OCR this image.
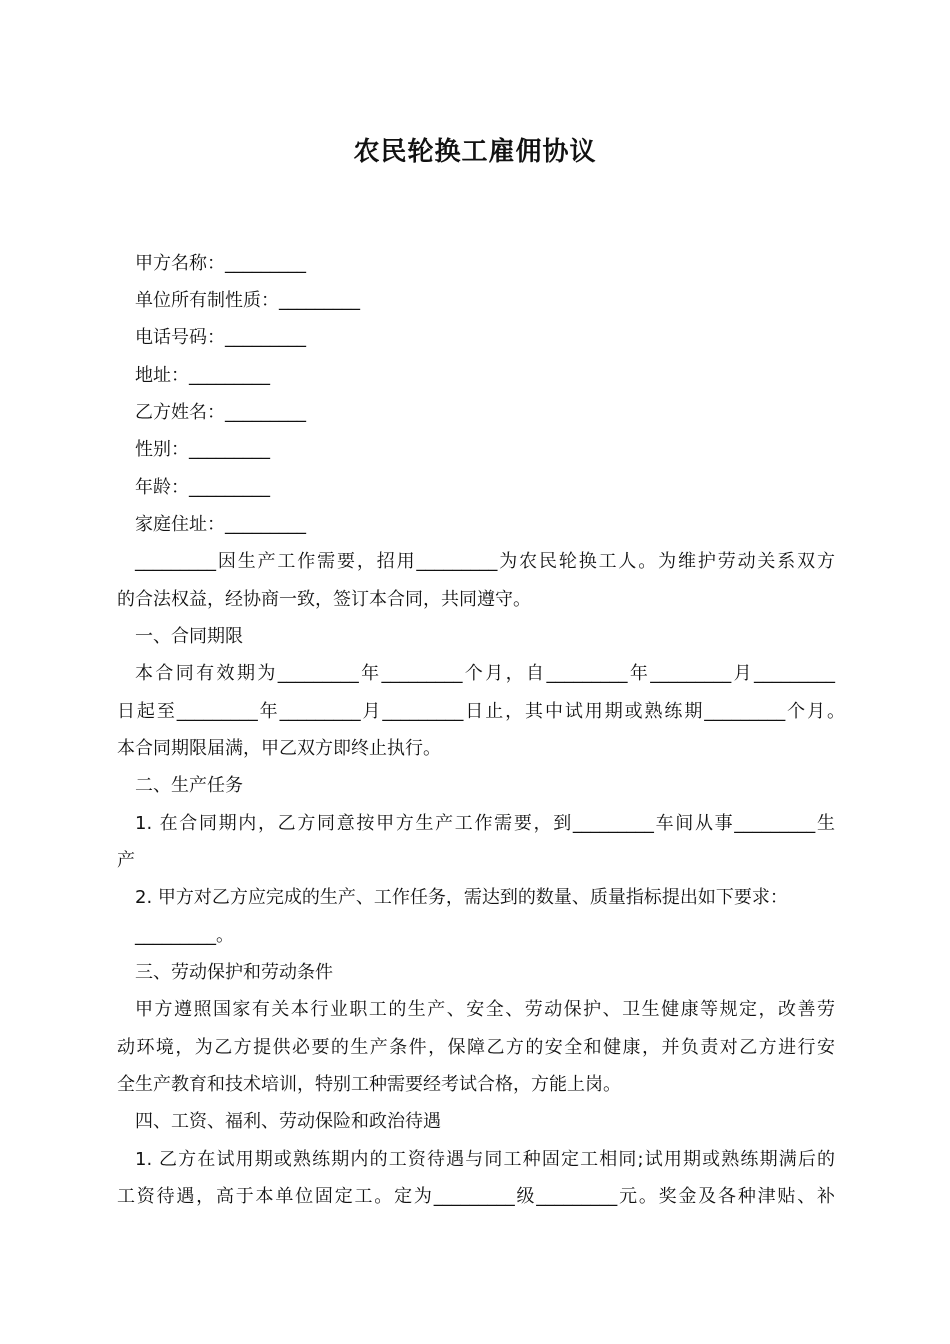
农民轮换工雇佣协议

甲方名称：_________

单位所有制性质：_________

电话号码：_________

地址：_________

乙方姓名：_________

性别：_________

年龄：_________

家庭住址：_________

_________因生产工作需要，招用_________为农民轮换工人。为维护劳动关系双方

的合法权益，经协商一致，签订本合同，共同遵守。

一、合同期限

本合同有效期为_________年_________个月，自_________年_________月_________

日起至_________年_________月_________日止，其中试用期或熟练期_________个月。

本合同期限届满，甲乙双方即终止执行。

二、生产任务

1. 在合同期内，乙方同意按甲方生产工作需要，到_________车间从事_________生

产

2. 甲方对乙方应完成的生产、工作任务，需达到的数量、质量指标提出如下要求：

_________。

三、劳动保护和劳动条件

甲方遵照国家有关本行业职工的生产、安全、劳动保护、卫生健康等规定，改善劳

动环境，为乙方提供必要的生产条件，保障乙方的安全和健康，并负责对乙方进行安

全生产教育和技术培训，特别工种需要经考试合格，方能上岗。

四、工资、福利、劳动保险和政治待遇

1. 乙方在试用期或熟练期内的工资待遇与同工种固定工相同;试用期或熟练期满后的

工资待遇，高于本单位固定工。定为_________级_________元。奖金及各种津贴、补
